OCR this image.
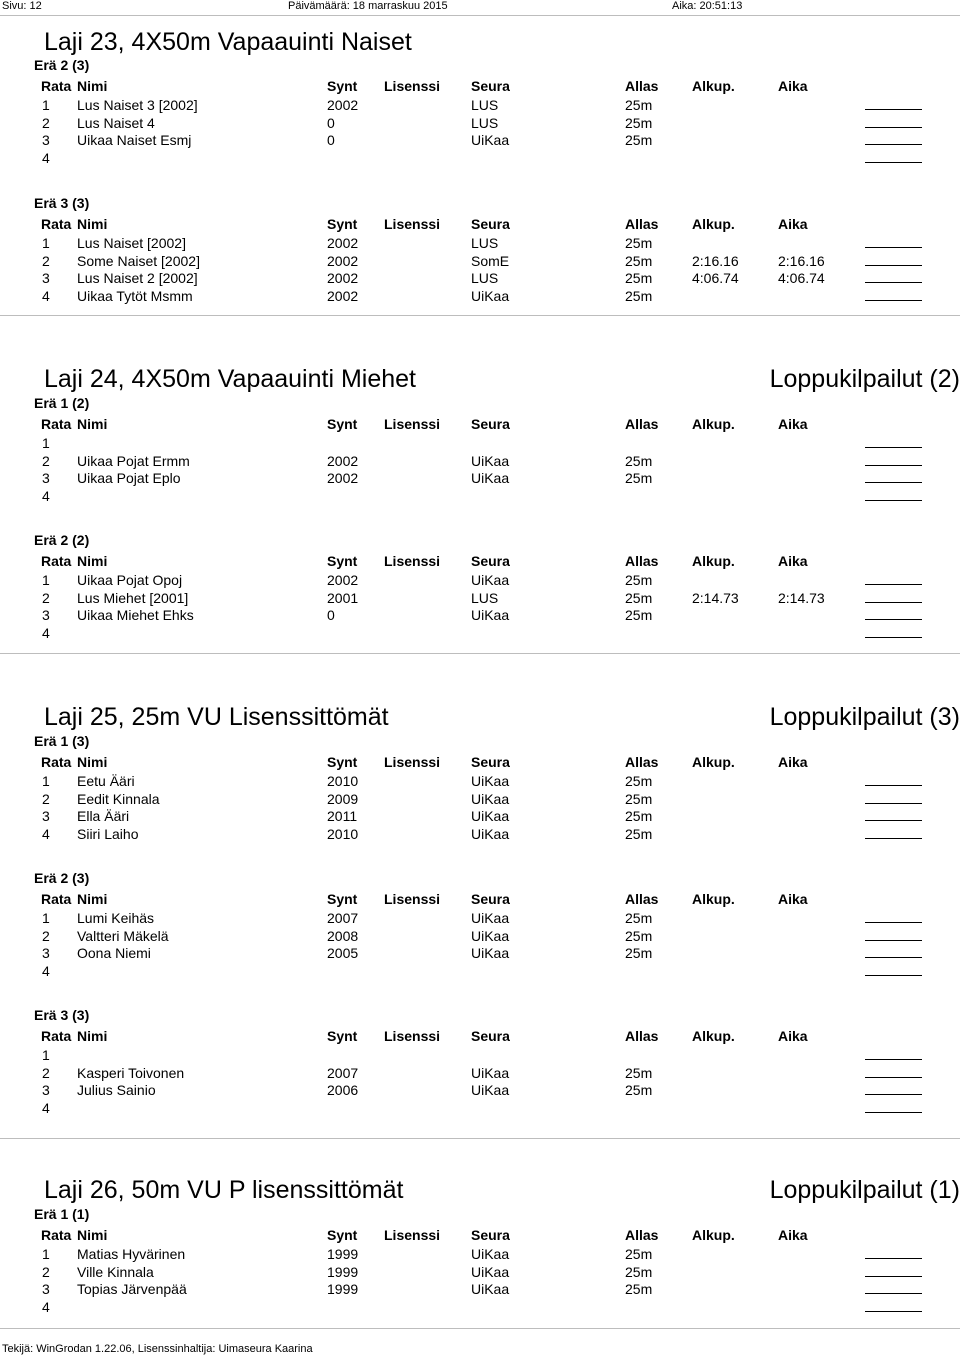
Sivu: 12	Päivämäärä: 18 marraskuu 2015	Aika: 20:51:13
Laji 23, 4X50m Vapaauinti Naiset
Erä 2 (3)
Rata Nimi	Synt Lisenssi Seura	Allas Alkup.	Aika
1 Lus Naiset 3 [2002]	2002	LUS	25m
2 Lus Naiset 4	0	LUS	25m
3 Uikaa Naiset Esmj	0	UiKaa	25m
4
Erä 3 (3)
Rata Nimi	Synt Lisenssi Seura	Allas Alkup.	Aika
1 Lus Naiset [2002]	2002	LUS	25m
2 Some Naiset [2002]	2002	SomE	25m	2:16.16	2:16.16
3 Lus Naiset 2 [2002]	2002	LUS	25m	4:06.74	4:06.74
4 Uikaa Tytöt Msmm	2002	UiKaa	25m
Laji 24, 4X50m Vapaauinti Miehet	Loppukilpailut (2)
Erä 1 (2)
Rata Nimi	Synt Lisenssi Seura	Allas Alkup.	Aika
1
2 Uikaa Pojat Ermm	2002	UiKaa	25m
3 Uikaa Pojat Eplo	2002	UiKaa	25m
4
Erä 2 (2)
Rata Nimi	Synt Lisenssi Seura	Allas Alkup.	Aika
1 Uikaa Pojat Opoj	2002	UiKaa	25m
2 Lus Miehet [2001]	2001	LUS	25m	2:14.73	2:14.73
3 Uikaa Miehet Ehks	0	UiKaa	25m
4
Laji 25, 25m VU Lisenssittömät	Loppukilpailut (3)
Erä 1 (3)
Rata Nimi	Synt Lisenssi Seura	Allas Alkup.	Aika
1 Eetu Ääri	2010	UiKaa	25m
2 Eedit Kinnala	2009	UiKaa	25m
3 Ella Ääri	2011	UiKaa	25m
4 Siiri Laiho	2010	UiKaa	25m
Erä 2 (3)
Rata Nimi	Synt Lisenssi Seura	Allas Alkup.	Aika
1 Lumi Keihäs	2007	UiKaa	25m
2 Valtteri Mäkelä	2008	UiKaa	25m
3 Oona Niemi	2005	UiKaa	25m
4
Erä 3 (3)
Rata Nimi	Synt Lisenssi Seura	Allas Alkup.	Aika
1
2 Kasperi Toivonen	2007	UiKaa	25m
3 Julius Sainio	2006	UiKaa	25m
4
Laji 26, 50m VU P lisenssittömät	Loppukilpailut (1)
Erä 1 (1)
Rata Nimi	Synt Lisenssi Seura	Allas Alkup.	Aika
1 Matias Hyvärinen	1999	UiKaa	25m
2 Ville Kinnala	1999	UiKaa	25m
3 Topias Järvenpää	1999	UiKaa	25m
4
Tekijä: WinGrodan 1.22.06, Lisenssinhaltija: Uimaseura Kaarina
